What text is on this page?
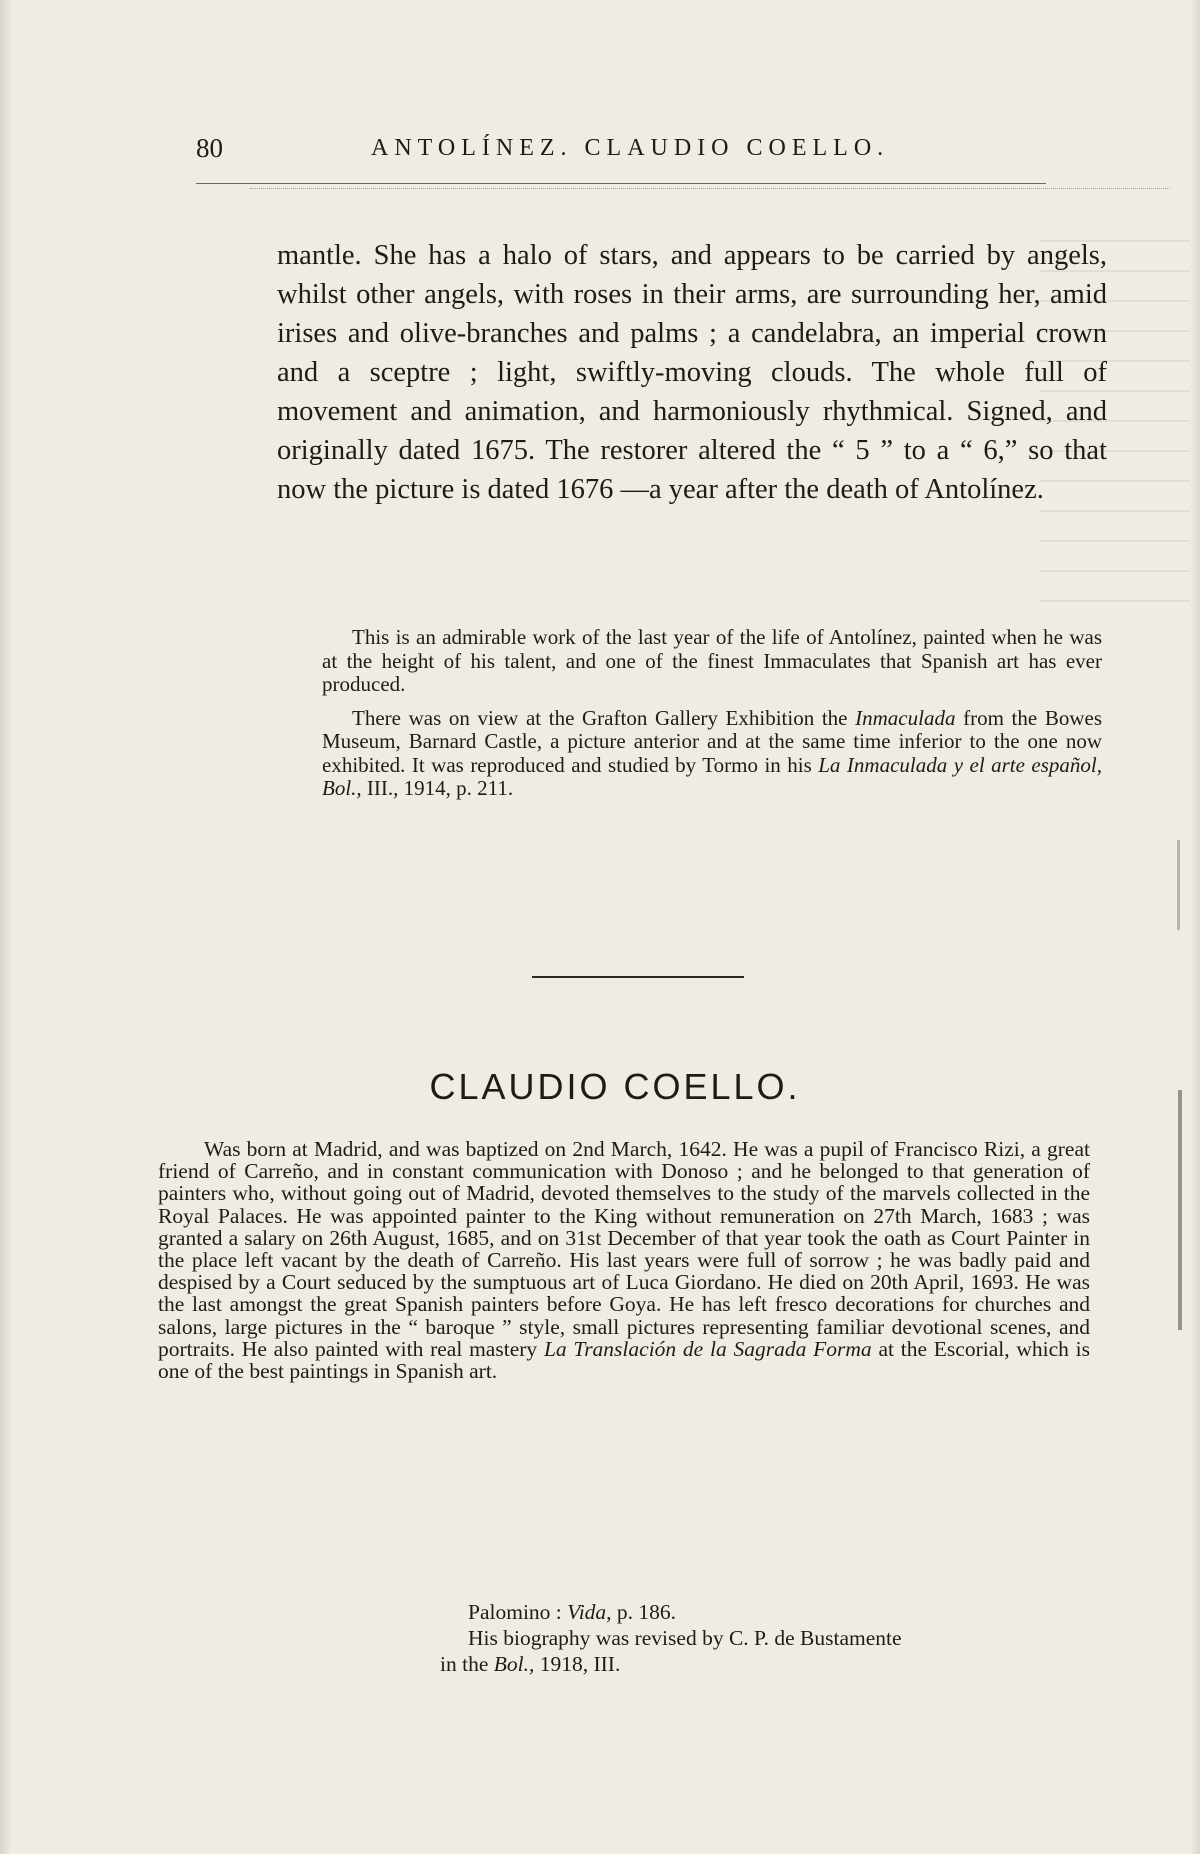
80	ANTOLÍNEZ. CLAUDIO COELLO.
mantle. She has a halo of stars, and appears to be carried by angels, whilst other angels, with roses in their arms, are surrounding her, amid irises and olive-branches and palms ; a candelabra, an imperial crown and a sceptre ; light, swiftly-moving clouds. The whole full of movement and animation, and harmoniously rhythmical. Signed, and originally dated 1675. The restorer altered the “ 5 ” to a “ 6,” so that now the picture is dated 1676 —a year after the death of Antolínez.

This is an admirable work of the last year of the life of Antolínez, painted when he was at the height of his talent, and one of the finest Immaculates that Spanish art has ever produced.

There was on view at the Grafton Gallery Exhibition the Inmaculada from the Bowes Museum, Barnard Castle, a picture anterior and at the same time inferior to the one now exhibited. It was reproduced and studied by Tormo in his La Inmaculada y el arte español, Bol., III., 1914, p. 211.

CLAUDIO COELLO.

Was born at Madrid, and was baptized on 2nd March, 1642. He was a pupil of Francisco Rizi, a great friend of Carreño, and in constant communication with Donoso ; and he belonged to that generation of painters who, without going out of Madrid, devoted themselves to the study of the marvels collected in the Royal Palaces. He was appointed painter to the King without remuneration on 27th March, 1683 ; was granted a salary on 26th August, 1685, and on 31st December of that year took the oath as Court Painter in the place left vacant by the death of Carreño. His last years were full of sorrow ; he was badly paid and despised by a Court seduced by the sumptuous art of Luca Giordano. He died on 20th April, 1693. He was the last amongst the great Spanish painters before Goya. He has left fresco decorations for churches and salons, large pictures in the “ baroque ” style, small pictures representing familiar devotional scenes, and portraits. He also painted with real mastery La Translación de la Sagrada Forma at the Escorial, which is one of the best paintings in Spanish art.

Palomino : Vida, p. 186.
His biography was revised by C. P. de Bustamente
in the Bol., 1918, III.
